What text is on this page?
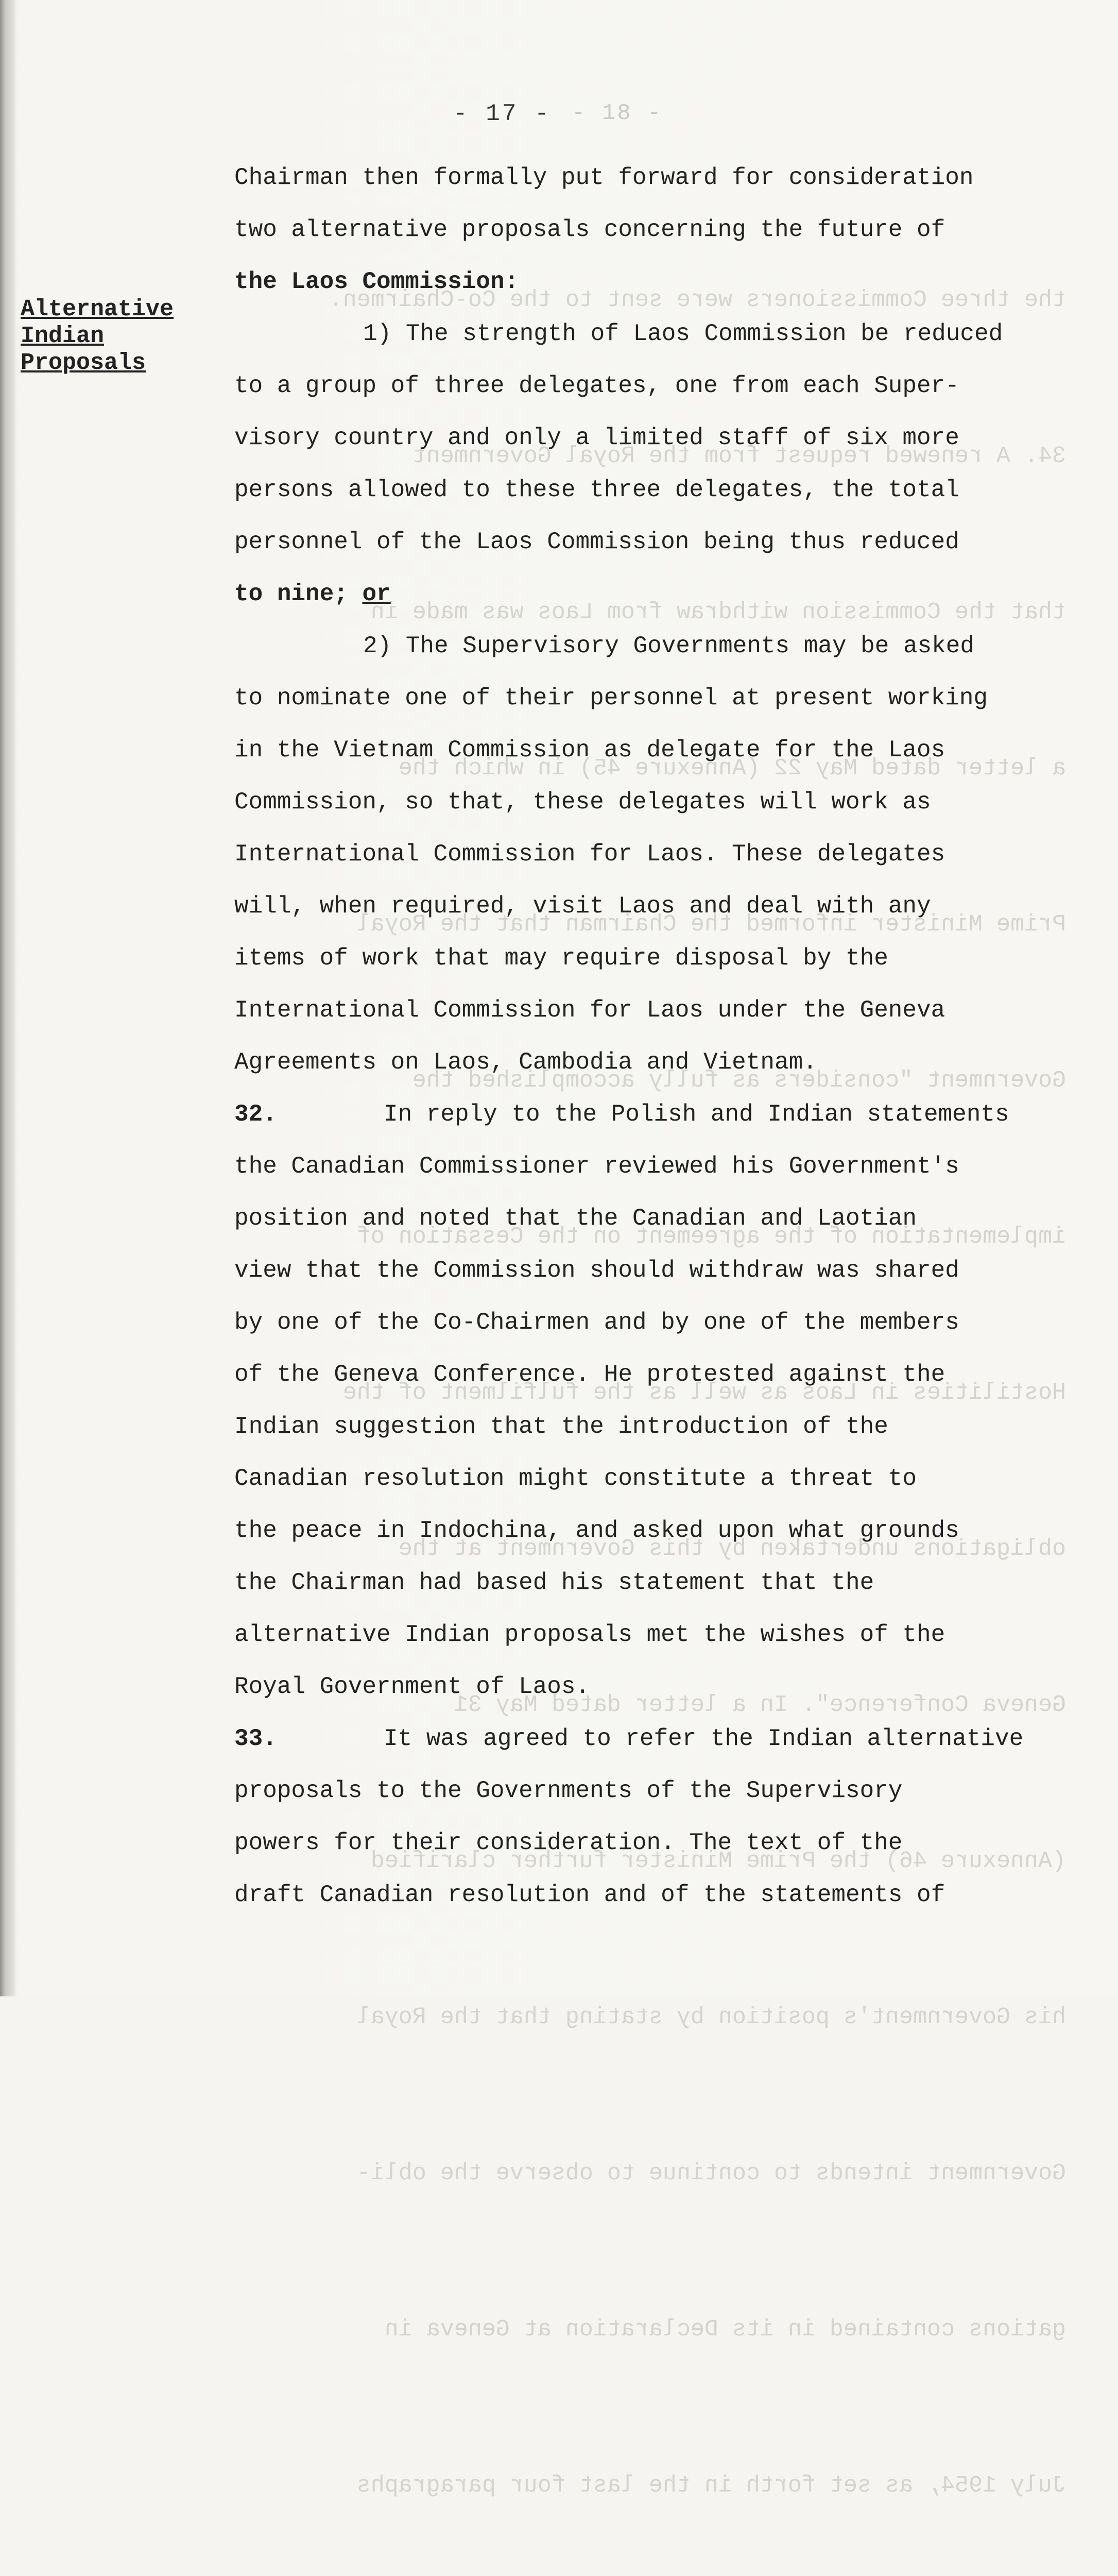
the three Commissioners were sent to the Co-Chairmen.

34. A renewed request from the Royal Government

that the Commission withdraw from Laos was made in

a letter dated May 22 (Annexure 45) in which the

Prime Minister informed the Chairman that the Royal

Government "considers as fully accomplished the

implementation of the agreement on the Cessation of

Hostilities in Laos as well as the fulfilment of the

obligations undertaken by this Government at the

Geneva Conference". In a letter dated May 31

(Annexure 46) the Prime Minister further clarified

his Government's position by stating that the Royal

Government intends to continue to observe the obli-

gations contained in its Declaration at Geneva in

July 1954, as set forth in the last four paragraphs

- 17 - - 18 -
Alternative
Indian
Proposals
Chairman then formally put forward for consideration
two alternative proposals concerning the future of
the Laos Commission:
1) The strength of Laos Commission be reduced
to a group of three delegates, one from each Super-
visory country and only a limited staff of six more
persons allowed to these three delegates, the total
personnel of the Laos Commission being thus reduced
to nine; or
2) The Supervisory Governments may be asked
to nominate one of their personnel at present working
in the Vietnam Commission as delegate for the Laos
Commission, so that, these delegates will work as
International Commission for Laos. These delegates
will, when required, visit Laos and deal with any
items of work that may require disposal by the
International Commission for Laos under the Geneva
Agreements on Laos, Cambodia and Vietnam.
32.	In reply to the Polish and Indian statements
the Canadian Commissioner reviewed his Government's
position and noted that the Canadian and Laotian
view that the Commission should withdraw was shared
by one of the Co-Chairmen and by one of the members
of the Geneva Conference. He protested against the
Indian suggestion that the introduction of the
Canadian resolution might constitute a threat to
the peace in Indochina, and asked upon what grounds
the Chairman had based his statement that the
alternative Indian proposals met the wishes of the
Royal Government of Laos.
33.	It was agreed to refer the Indian alternative
proposals to the Governments of the Supervisory
powers for their consideration. The text of the
draft Canadian resolution and of the statements of
